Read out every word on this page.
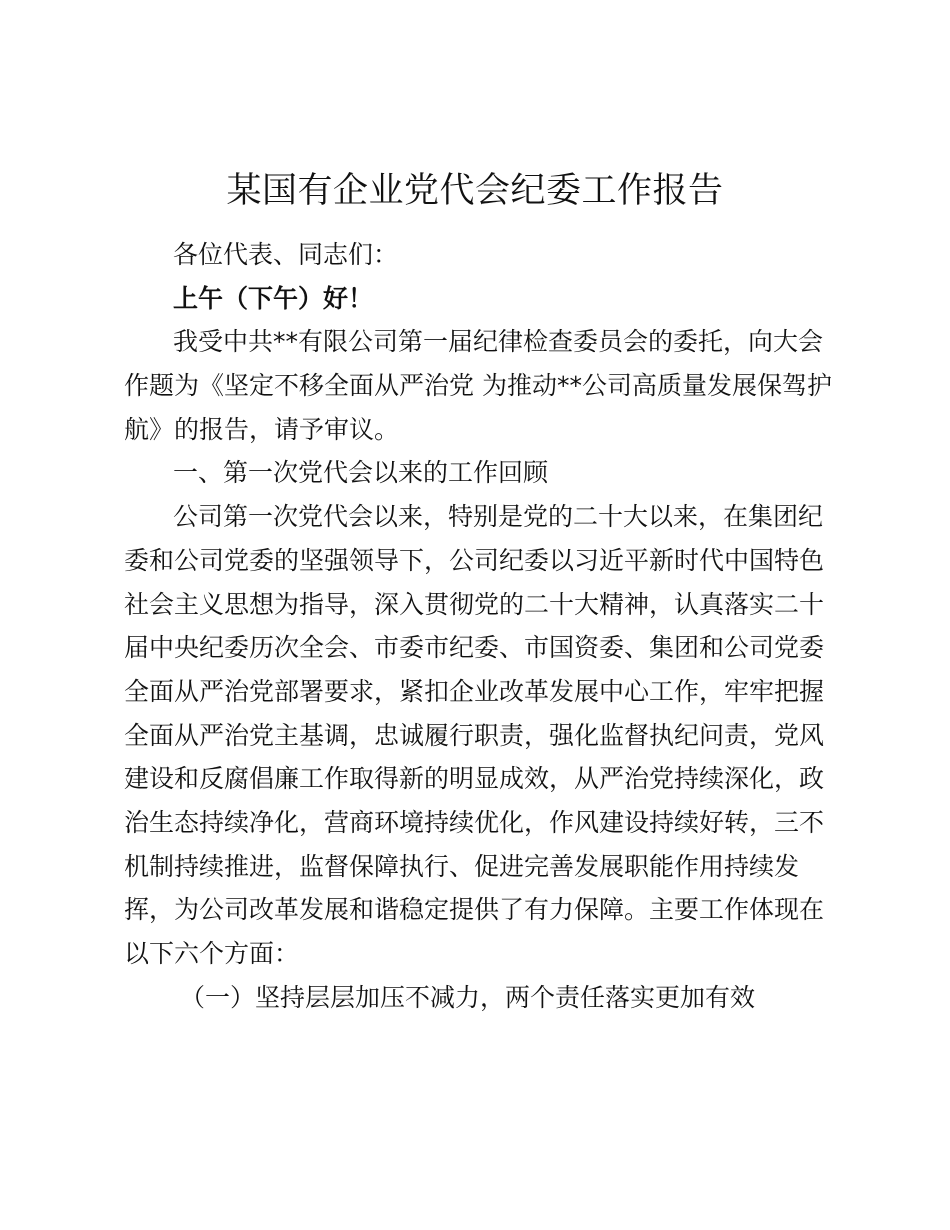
某国有企业党代会纪委工作报告
各位代表、同志们：
上午（下午）好！
我受中共**有限公司第一届纪律检查委员会的委托，向大会
作题为《坚定不移全面从严治党 为推动**公司高质量发展保驾护
航》的报告，请予审议。
一、第一次党代会以来的工作回顾
公司第一次党代会以来，特别是党的二十大以来，在集团纪
委和公司党委的坚强领导下，公司纪委以习近平新时代中国特色
社会主义思想为指导，深入贯彻党的二十大精神，认真落实二十
届中央纪委历次全会、市委市纪委、市国资委、集团和公司党委
全面从严治党部署要求，紧扣企业改革发展中心工作，牢牢把握
全面从严治党主基调，忠诚履行职责，强化监督执纪问责，党风
建设和反腐倡廉工作取得新的明显成效，从严治党持续深化，政
治生态持续净化，营商环境持续优化，作风建设持续好转，三不
机制持续推进，监督保障执行、促进完善发展职能作用持续发
挥，为公司改革发展和谐稳定提供了有力保障。主要工作体现在
以下六个方面：
（一）坚持层层加压不减力，两个责任落实更加有效
